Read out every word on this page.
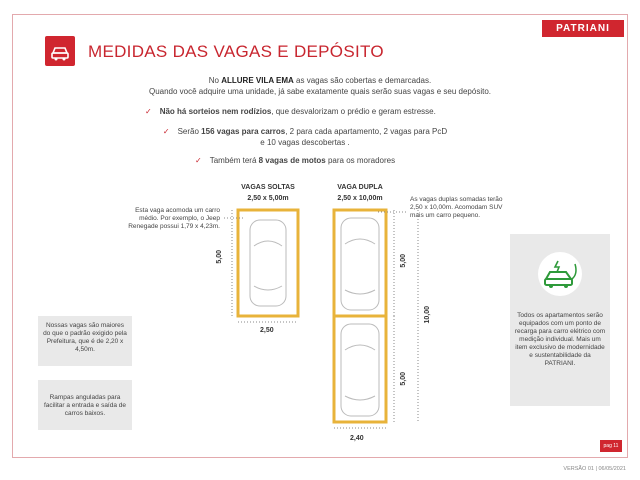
PATRIANI
MEDIDAS DAS VAGAS E DEPÓSITO
No ALLURE VILA EMA as vagas são cobertas e demarcadas.
Quando você adquire uma unidade, já sabe exatamente quais serão suas vagas e seu depósito.
✓ Não há sorteios nem rodízios, que desvalorizam o prédio e geram estresse.
✓ Serão 156 vagas para carros, 2 para cada apartamento, 2 vagas para PcD
e 10 vagas descobertas .
✓ Também terá 8 vagas de motos para os moradores
VAGAS SOLTAS
2,50 x 5,00m
VAGA DUPLA
2,50 x 10,00m
Esta vaga acomoda um carro médio. Por exemplo, o Jeep Renegade possui 1,79 x 4,23m.
As vagas duplas somadas terão 2,50 x 10,00m. Acomodam SUV mais um carro pequeno.
5,00
2,50
5,00
10,00
5,00
2,40
Nossas vagas são maiores do que o padrão exigido pela Prefeitura, que é de 2,20 x 4,50m.
Rampas anguladas para facilitar a entrada e saída de carros baixos.
Todos os apartamentos serão equipados com um ponto de recarga para carro elétrico com medição individual. Mais um item exclusivo de modernidade e sustentabilidade da PATRIANI.
pag 11
VERSÃO 01 | 06/05/2021
